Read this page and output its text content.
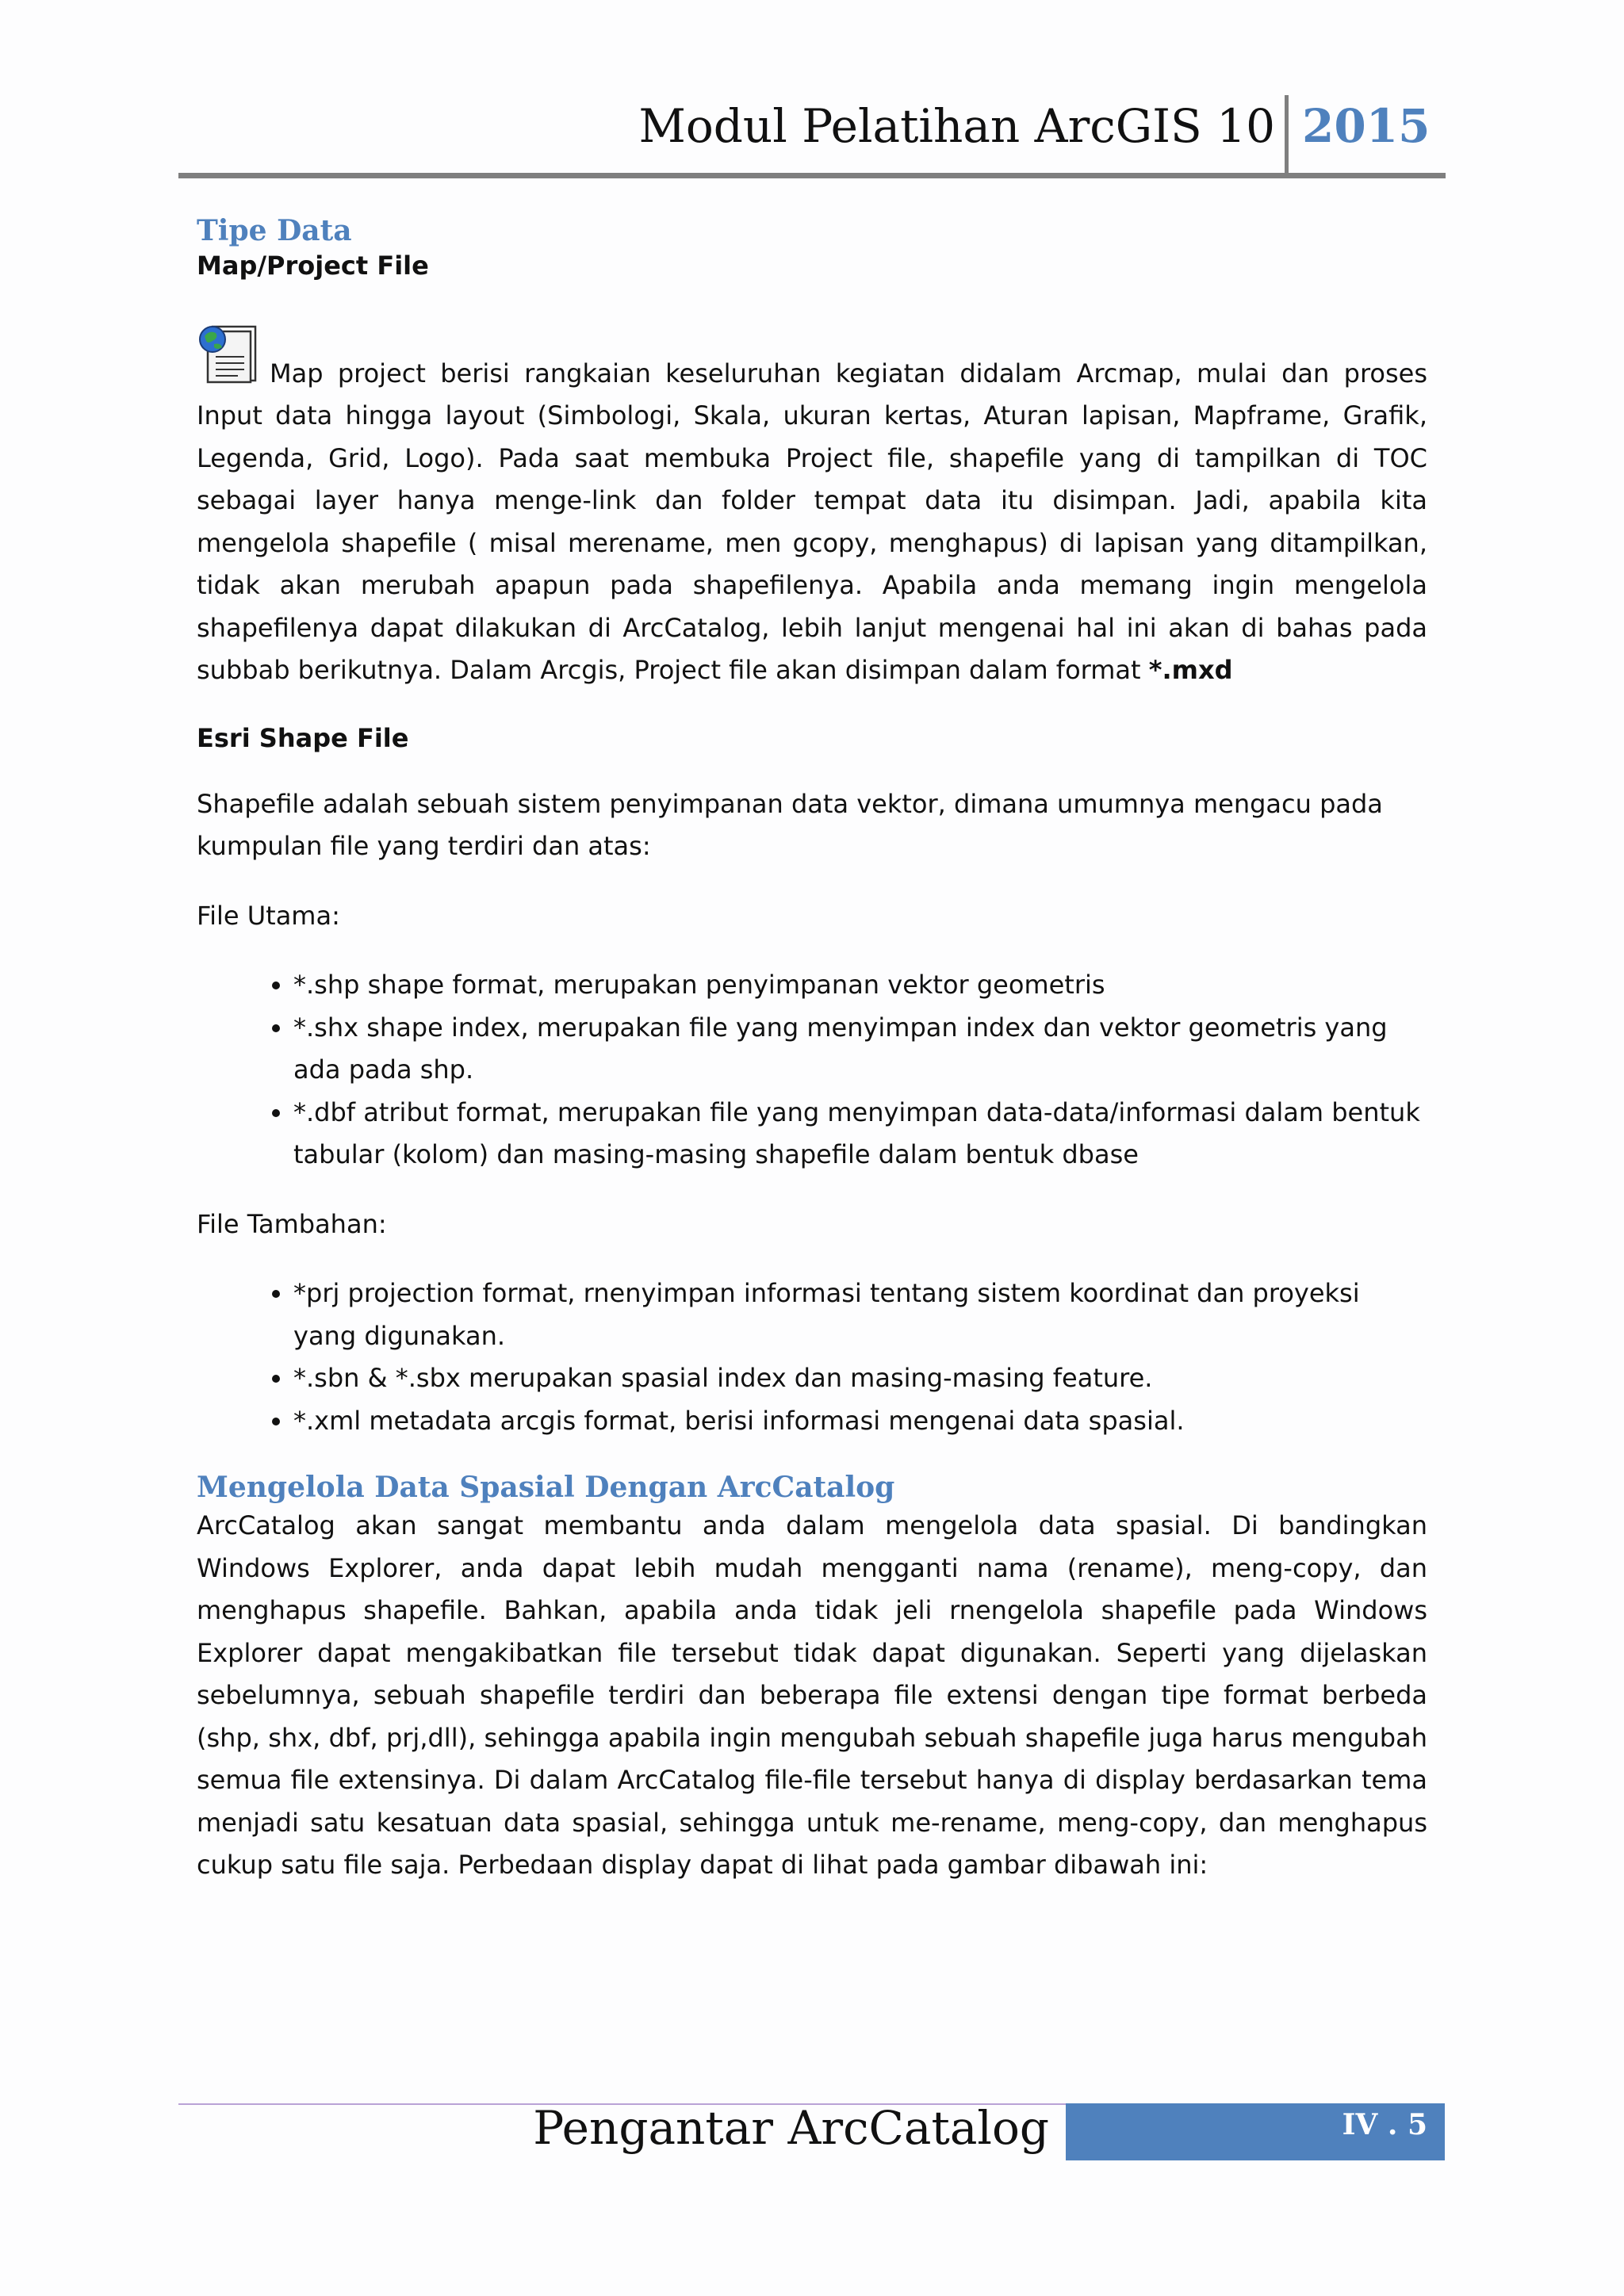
Modul Pelatihan ArcGIS 10 2015
Tipe Data
Map/Project File

Map project berisi rangkaian keseluruhan kegiatan didalam Arcmap, mulai dan proses Input data hingga layout (Simbologi, Skala, ukuran kertas, Aturan lapisan, Mapframe, Grafik, Legenda, Grid, Logo). Pada saat membuka Project file, shapefile yang di tampilkan di TOC sebagai layer hanya menge-link dan folder tempat data itu disimpan. Jadi, apabila kita mengelola shapefile ( misal merename, men gcopy, menghapus) di lapisan yang ditampilkan, tidak akan merubah apapun pada shapefilenya. Apabila anda memang ingin mengelola shapefilenya dapat dilakukan di ArcCatalog, lebih lanjut mengenai hal ini akan di bahas pada subbab berikutnya. Dalam Arcgis, Project file akan disimpan dalam format *.mxd

Esri Shape File

Shapefile adalah sebuah sistem penyimpanan data vektor, dimana umumnya mengacu pada kumpulan file yang terdiri dan atas:

File Utama:

• *.shp shape format, merupakan penyimpanan vektor geometris
• *.shx shape index, merupakan file yang menyimpan index dan vektor geometris yang ada pada shp.
• *.dbf atribut format, merupakan file yang menyimpan data-data/informasi dalam bentuk tabular (kolom) dan masing-masing shapefile dalam bentuk dbase

File Tambahan:

• *prj projection format, rnenyimpan informasi tentang sistem koordinat dan proyeksi yang digunakan.
• *.sbn & *.sbx merupakan spasial index dan masing-masing feature.
• *.xml metadata arcgis format, berisi informasi mengenai data spasial.
Mengelola Data Spasial Dengan ArcCatalog

ArcCatalog akan sangat membantu anda dalam mengelola data spasial. Di bandingkan Windows Explorer, anda dapat lebih mudah mengganti nama (rename), meng-copy, dan menghapus shapefile. Bahkan, apabila anda tidak jeli rnengelola shapefile pada Windows Explorer dapat mengakibatkan file tersebut tidak dapat digunakan. Seperti yang dijelaskan sebelumnya, sebuah shapefile terdiri dan beberapa file extensi dengan tipe format berbeda (shp, shx, dbf, prj,dll), sehingga apabila ingin mengubah sebuah shapefile juga harus mengubah semua file extensinya. Di dalam ArcCatalog file-file tersebut hanya di display berdasarkan tema menjadi satu kesatuan data spasial, sehingga untuk me-rename, meng-copy, dan menghapus cukup satu file saja. Perbedaan display dapat di lihat pada gambar dibawah ini:

Pengantar ArcCatalog	IV . 5
